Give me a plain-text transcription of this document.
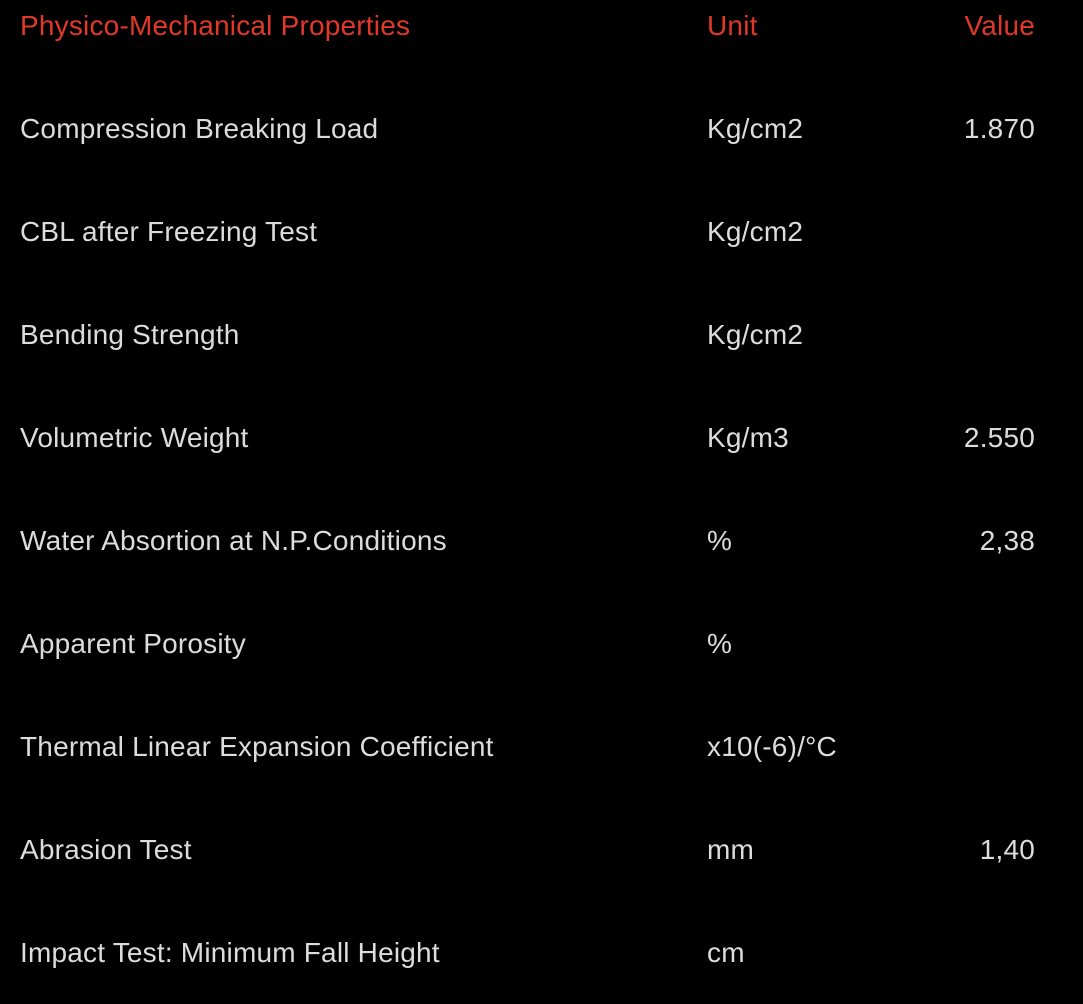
Physico-Mechanical Properties	Unit	Value
Compression Breaking Load	Kg/cm2	1.870
CBL after Freezing Test	Kg/cm2
Bending Strength	Kg/cm2
Volumetric Weight	Kg/m3	2.550
Water Absortion at N.P.Conditions	%	2,38
Apparent Porosity	%
Thermal Linear Expansion Coefficient	x10(-6)/°C
Abrasion Test	mm	1,40
Impact Test: Minimum Fall Height	cm
